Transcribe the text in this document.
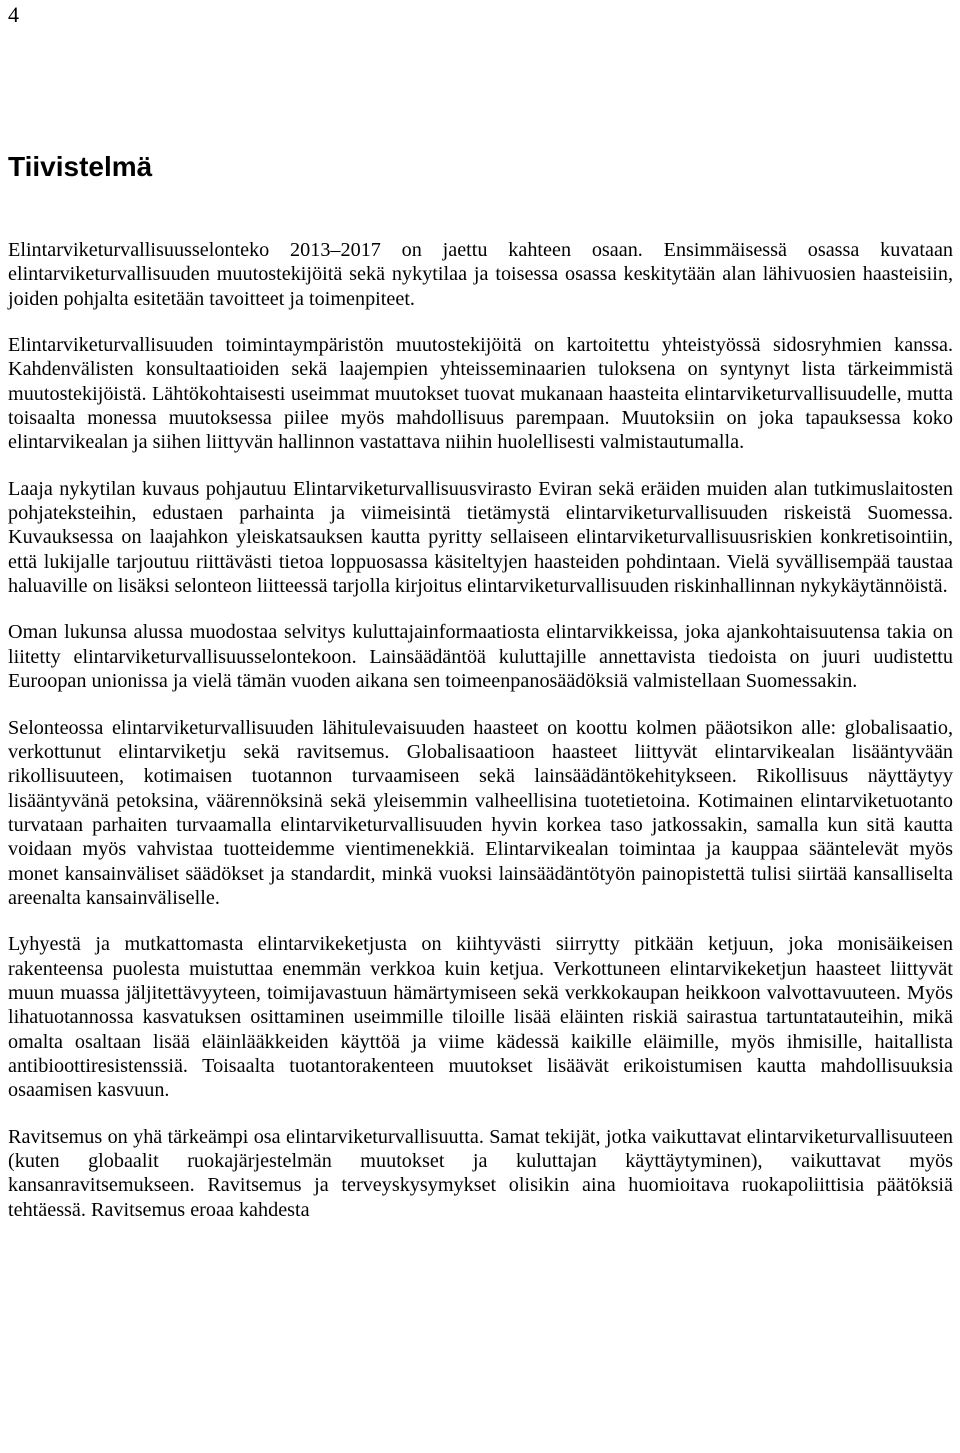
4
Tiivistelmä

Elintarviketurvallisuusselonteko 2013–2017 on jaettu kahteen osaan. Ensimmäisessä osassa kuvataan elintarviketurvallisuuden muutostekijöitä sekä nykytilaa ja toisessa osassa keskitytään alan lähivuosien haasteisiin, joiden pohjalta esitetään tavoitteet ja toimenpiteet.

Elintarviketurvallisuuden toimintaympäristön muutostekijöitä on kartoitettu yhteistyössä sidosryhmien kanssa. Kahdenvälisten konsultaatioiden sekä laajempien yhteisseminaarien tuloksena on syntynyt lista tärkeimmistä muutostekijöistä. Lähtökohtaisesti useimmat muutokset tuovat mukanaan haasteita elintarviketurvallisuudelle, mutta toisaalta monessa muutoksessa piilee myös mahdollisuus parempaan. Muutoksiin on joka tapauksessa koko elintarvikealan ja siihen liittyvän hallinnon vastattava niihin huolellisesti valmistautumalla.

Laaja nykytilan kuvaus pohjautuu Elintarviketurvallisuusvirasto Eviran sekä eräiden muiden alan tutkimuslaitosten pohjateksteihin, edustaen parhainta ja viimeisintä tietämystä elintarviketurvallisuuden riskeistä Suomessa. Kuvauksessa on laajahkon yleiskatsauksen kautta pyritty sellaiseen elintarviketurvallisuusriskien konkretisointiin, että lukijalle tarjoutuu riittävästi tietoa loppuosassa käsiteltyjen haasteiden pohdintaan. Vielä syvällisempää taustaa haluaville on lisäksi selonteon liitteessä tarjolla kirjoitus elintarviketurvallisuuden riskinhallinnan nykykäytännöistä.

Oman lukunsa alussa muodostaa selvitys kuluttajainformaatiosta elintarvikkeissa, joka ajankohtaisuutensa takia on liitetty elintarviketurvallisuusselontekoon. Lainsäädäntöä kuluttajille annettavista tiedoista on juuri uudistettu Euroopan unionissa ja vielä tämän vuoden aikana sen toimeenpanosäädöksiä valmistellaan Suomessakin.

Selonteossa elintarviketurvallisuuden lähitulevaisuuden haasteet on koottu kolmen pääotsikon alle: globalisaatio, verkottunut elintarviketju sekä ravitsemus. Globalisaatioon haasteet liittyvät elintarvikealan lisääntyvään rikollisuuteen, kotimaisen tuotannon turvaamiseen sekä lainsäädäntökehitykseen. Rikollisuus näyttäytyy lisääntyvänä petoksina, väärennöksinä sekä yleisemmin valheellisina tuotetietoina. Kotimainen elintarviketuotanto turvataan parhaiten turvaamalla elintarviketurvallisuuden hyvin korkea taso jatkossakin, samalla kun sitä kautta voidaan myös vahvistaa tuotteidemme vientimenekkiä. Elintarvikealan toimintaa ja kauppaa sääntelevät myös monet kansainväliset säädökset ja standardit, minkä vuoksi lainsäädäntötyön painopistettä tulisi siirtää kansalliselta areenalta kansainväliselle.

Lyhyestä ja mutkattomasta elintarvikeketjusta on kiihtyvästi siirrytty pitkään ketjuun, joka monisäikeisen rakenteensa puolesta muistuttaa enemmän verkkoa kuin ketjua. Verkottuneen elintarvikeketjun haasteet liittyvät muun muassa jäljitettävyyteen, toimijavastuun hämärtymiseen sekä verkkokaupan heikkoon valvottavuuteen. Myös lihatuotannossa kasvatuksen osittaminen useimmille tiloille lisää eläinten riskiä sairastua tartuntatauteihin, mikä omalta osaltaan lisää eläinlääkkeiden käyttöä ja viime kädessä kaikille eläimille, myös ihmisille, haitallista antibioottiresistenssiä. Toisaalta tuotantorakenteen muutokset lisäävät erikoistumisen kautta mahdollisuuksia osaamisen kasvuun.

Ravitsemus on yhä tärkeämpi osa elintarviketurvallisuutta. Samat tekijät, jotka vaikuttavat elintarviketurvallisuuteen (kuten globaalit ruokajärjestelmän muutokset ja kuluttajan käyttäytyminen), vaikuttavat myös kansanravitsemukseen. Ravitsemus ja terveyskysymykset olisikin aina huomioitava ruokapoliittisia päätöksiä tehtäessä. Ravitsemus eroaa kahdesta
